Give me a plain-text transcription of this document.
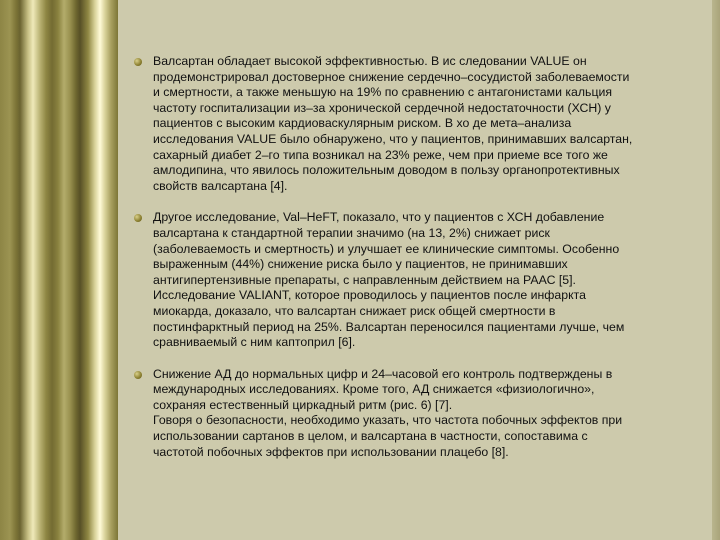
Валсартан обладает высокой эффективностью. В ис следовании VALUE он
продемонстрировал достоверное снижение сердечно–сосудистой заболеваемости
и смертности, а также меньшую на 19% по сравнению с антагонистами кальция
частоту госпитализации из–за хронической сердечной недостаточности (ХСН) у
пациентов с высоким кардиоваскулярным риском. В хо де мета–анализа
исследования VALUE было обнаружено, что у пациентов, принимавших валсартан,
сахарный диабет 2–го типа возникал на 23% реже, чем при приеме все того же
амлодипина, что явилось положительным доводом в пользу органопротективных
свойств валсартана [4].
Другое исследование, Val–HeFT, показало, что у пациентов с ХСН добавление
валсартана к стандартной терапии значимо (на 13, 2%) снижает риск
(заболеваемость и смертность) и улучшает ее клинические симптомы. Особенно
выраженным (44%) снижение риска было у пациентов, не принимавших
антигипертензивные препараты, с направленным действием на РААС [5].
Исследование VALIANT, которое проводилось у пациентов после инфаркта
миокарда, доказало, что валсартан снижает риск общей смертности в
постинфарктный период на 25%. Валсартан переносился пациентами лучше, чем
сравниваемый с ним каптоприл [6].
Снижение АД до нормальных цифр и 24–часовой его контроль подтверждены в
международных исследованиях. Кроме того, АД снижается «физиологично»,
сохраняя естественный циркадный ритм (рис. 6) [7].
Говоря о безопасности, необходимо указать, что частота побочных эффектов при
использовании сартанов в целом, и валсартана в частности, сопоставима с
частотой побочных эффектов при использовании плацебо [8].
